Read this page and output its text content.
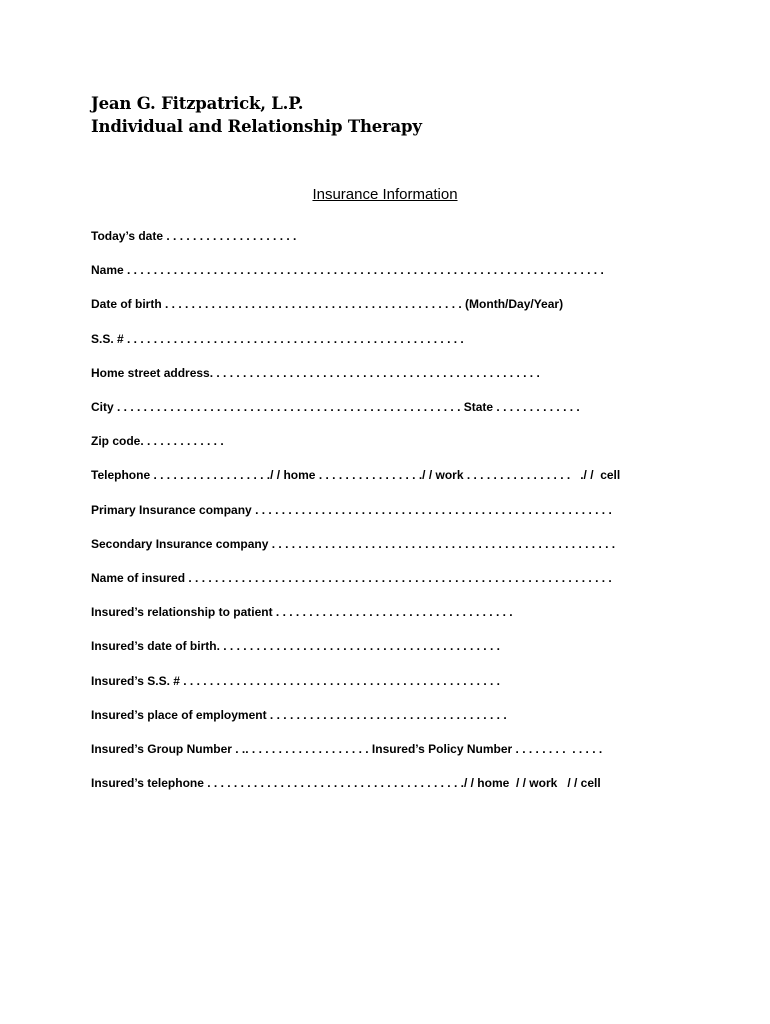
Jean G. Fitzpatrick, L.P.
Individual and Relationship Therapy
Insurance Information
Today’s date . . . . . . . . . . . . . . . . . . . .
Name . . . . . . . . . . . . . . . . . . . . . . . . . . . . . . . . . . . . . . . . . . . . . . . . . . . . . . . . . . . . . . . . . . . . . . . .
Date of birth . . . . . . . . . . . . . . . . . . . . . . . . . . . . . . . . . . . . . . . . . . . . . (Month/Day/Year)
S.S. # . . . . . . . . . . . . . . . . . . . . . . . . . . . . . . . . . . . . . . . . . . . . . . . . . . .
Home street address. . . . . . . . . . . . . . . . . . . . . . . . . . . . . . . . . . . . . . . . . . . . . . . . . .
City . . . . . . . . . . . . . . . . . . . . . . . . . . . . . . . . . . . . . . . . . . . . . . . . . . . . State . . . . . . . . . . . . .
Zip code. . . . . . . . . . . . .
Telephone . . . . . . . . . . . . . . . . . ./ / home . . . . . . . . . . . . . . . ./ / work . . . . . . . . . . . . . . . .   ./ /  cell
Primary Insurance company . . . . . . . . . . . . . . . . . . . . . . . . . . . . . . . . . . . . . . . . . . . . . . . . . . . . . .
Secondary Insurance company . . . . . . . . . . . . . . . . . . . . . . . . . . . . . . . . . . . . . . . . . . . . . . . . . . . .
Name of insured . . . . . . . . . . . . . . . . . . . . . . . . . . . . . . . . . . . . . . . . . . . . . . . . . . . . . . . . . . . . . . . .
Insured’s relationship to patient . . . . . . . . . . . . . . . . . . . . . . . . . . . . . . . . . . . .
Insured’s date of birth. . . . . . . . . . . . . . . . . . . . . . . . . . . . . . . . . . . . . . . . . . .
Insured’s S.S. # . . . . . . . . . . . . . . . . . . . . . . . . . . . . . . . . . . . . . . . . . . . . . . . .
Insured’s place of employment . . . . . . . . . . . . . . . . . . . . . . . . . . . . . . . . . . . .
Insured’s Group Number . .. . . . . . . . . . . . . . . . . . . Insured’s Policy Number . . . . . . . .  . . . . .
Insured’s telephone . . . . . . . . . . . . . . . . . . . . . . . . . . . . . . . . . . . . . . ./ / home  / / work   / / cell
